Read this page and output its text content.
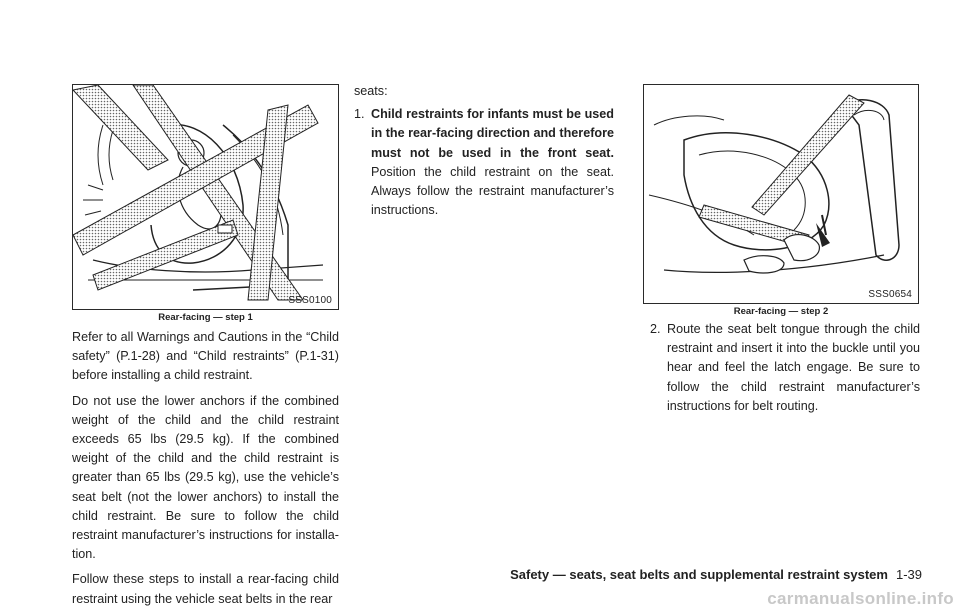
SSS0100
Rear-facing — step 1

Refer to all Warnings and Cautions in the “Child safety” (P.1-28) and “Child restraints” (P.1-31) before installing a child restraint.

Do not use the lower anchors if the combined weight of the child and the child restraint exceeds 65 lbs (29.5 kg). If the combined weight of the child and the child restraint is greater than 65 lbs (29.5 kg), use the vehicle’s seat belt (not the lower anchors) to install the child restraint. Be sure to follow the child restraint manufacturer’s instructions for installa-tion.

Follow these steps to install a rear-facing child restraint using the vehicle seat belts in the rear

seats:

1. Child restraints for infants must be used in the rear-facing direction and therefore must not be used in the front seat. Position the child restraint on the seat. Always follow the restraint manufacturer’s instructions.
SSS0654
Rear-facing — step 2
2. Route the seat belt tongue through the child restraint and insert it into the buckle until you hear and feel the latch engage. Be sure to follow the child restraint manufacturer’s instructions for belt routing.
Safety — seats, seat belts and supplemental restraint system 1-39
carmanualsonline.info
